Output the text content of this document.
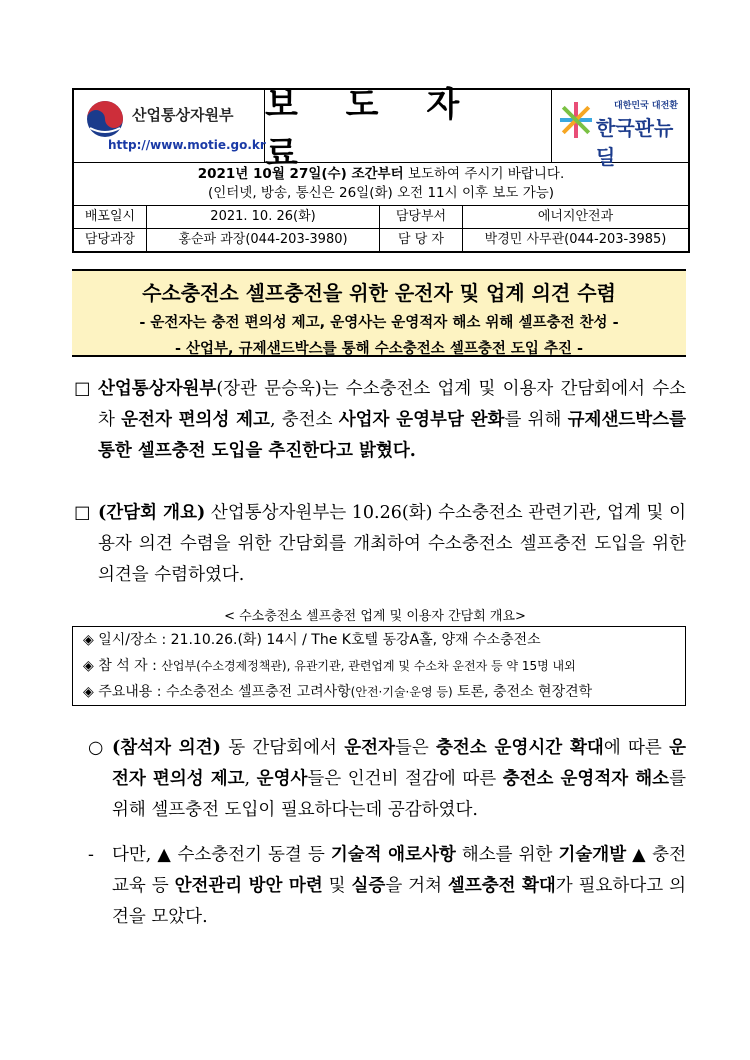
산업통상자원부
http://www.motie.go.kr
보 도 자 료
대한민국 대전환
한국판뉴딜
2021년 10월 27일(수) 조간부터 보도하여 주시기 바랍니다.
(인터넷, 방송, 통신은 26일(화) 오전 11시 이후 보도 가능)
배포일시	2021. 10. 26(화)	담당부서	에너지안전과
담당과장	홍순파 과장(044-203-3980)	담 당 자	박경민 사무관(044-203-3985)
수소충전소 셀프충전을 위한 운전자 및 업계 의견 수렴
- 운전자는 충전 편의성 제고, 운영사는 운영적자 해소 위해 셀프충전 찬성 -
- 산업부, 규제샌드박스를 통해 수소충전소 셀프충전 도입 추진 -
□ 산업통상자원부(장관 문승욱)는 수소충전소 업계 및 이용자 간담회에서 수소차 운전자 편의성 제고, 충전소 사업자 운영부담 완화를 위해 규제샌드박스를 통한 셀프충전 도입을 추진한다고 밝혔다.
□ (간담회 개요) 산업통상자원부는 10.26(화) 수소충전소 관련기관, 업계 및 이용자 의견 수렴을 위한 간담회를 개최하여 수소충전소 셀프충전 도입을 위한 의견을 수렴하였다.
< 수소충전소 셀프충전 업계 및 이용자 간담회 개요>
◈ 일시/장소 : 21.10.26.(화) 14시 / The K호텔 동강A홀, 양재 수소충전소
◈ 참 석 자 : 산업부(수소경제정책관), 유관기관, 관련업계 및 수소차 운전자 등 약 15명 내외
◈ 주요내용 : 수소충전소 셀프충전 고려사항(안전·기술·운영 등) 토론, 충전소 현장견학
○ (참석자 의견) 동 간담회에서 운전자들은 충전소 운영시간 확대에 따른 운전자 편의성 제고, 운영사들은 인건비 절감에 따른 충전소 운영적자 해소를 위해 셀프충전 도입이 필요하다는데 공감하였다.
- 다만, ▲ 수소충전기 동결 등 기술적 애로사항 해소를 위한 기술개발 ▲ 충전교육 등 안전관리 방안 마련 및 실증을 거쳐 셀프충전 확대가 필요하다고 의견을 모았다.
